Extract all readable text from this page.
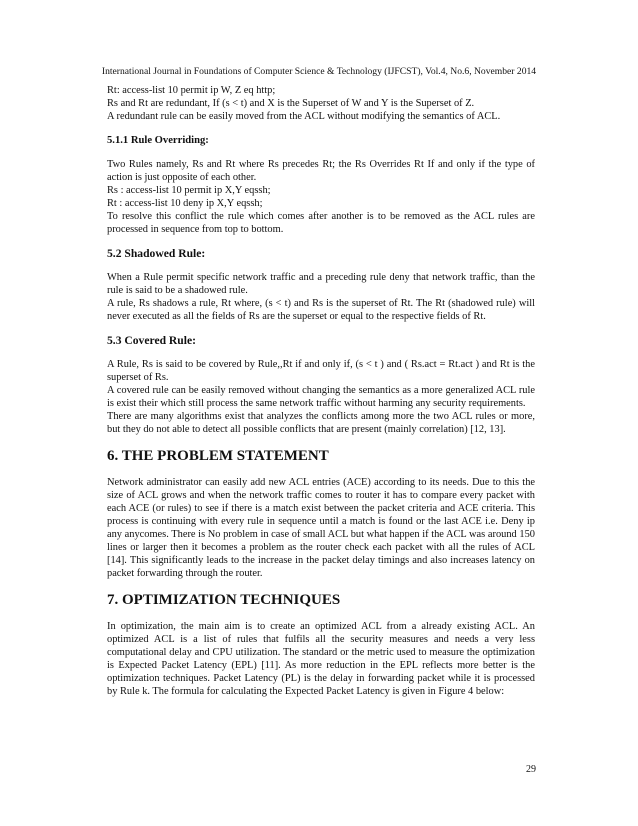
International Journal in Foundations of Computer Science & Technology (IJFCST), Vol.4, No.6, November 2014

Rt: access-list 10 permit ip W, Z eq http;

Rs and Rt are redundant, If (s < t) and X is the Superset of W and Y is the Superset of Z.

A redundant rule can be easily moved from the ACL without modifying the semantics of ACL.

5.1.1 Rule Overriding:

Two Rules namely, Rs and Rt where Rs precedes Rt; the Rs Overrides Rt If and only if the type of action is just opposite of each other.

Rs : access-list 10 permit ip X,Y eqssh;

Rt : access-list 10 deny ip X,Y eqssh;

To resolve this conflict the rule which comes after another is to be removed as the ACL rules are processed in sequence from top to bottom.

5.2 Shadowed Rule:

When a Rule permit specific network traffic and a preceding rule deny that network traffic, than the rule is said to be a shadowed rule.

A rule, Rs shadows a rule, Rt where, (s < t) and Rs is the superset of Rt. The Rt (shadowed rule) will never executed as all the fields of Rs are the superset or equal to the respective fields of Rt.

5.3 Covered Rule:

A Rule, Rs is said to be covered by Rule,,Rt if and only if, (s < t ) and ( Rs.act = Rt.act ) and Rt is the superset of Rs.

A covered rule can be easily removed without changing the semantics as a more generalized ACL rule is exist their which still process the same network traffic without harming any security requirements.

There are many algorithms exist that analyzes the conflicts among more the two ACL rules or more, but they do not able to detect all possible conflicts that are present (mainly correlation) [12, 13].

6. THE PROBLEM STATEMENT

Network administrator can easily add new ACL entries (ACE) according to its needs. Due to this the size of ACL grows and when the network traffic comes to router it has to compare every packet with each ACE (or rules) to see if there is a match exist between the packet criteria and ACE criteria. This process is continuing with every rule in sequence until a match is found or the last ACE i.e. Deny ip any anycomes. There is No problem in case of small ACL but what happen if the ACL was around 150 lines or larger then it becomes a problem as the router check each packet with all the rules of ACL [14]. This significantly leads to the increase in the packet delay timings and also increases latency on packet forwarding through the router.

7. OPTIMIZATION TECHNIQUES

In optimization, the main aim is to create an optimized ACL from a already existing ACL. An optimized ACL is a list of rules that fulfils all the security measures and needs a very less computational delay and CPU utilization. The standard or the metric used to measure the optimization is Expected Packet Latency (EPL) [11]. As more reduction in the EPL reflects more better is the optimization techniques. Packet Latency (PL) is the delay in forwarding packet while it is processed by Rule k. The formula for calculating the Expected Packet Latency is given in Figure 4 below:

29
